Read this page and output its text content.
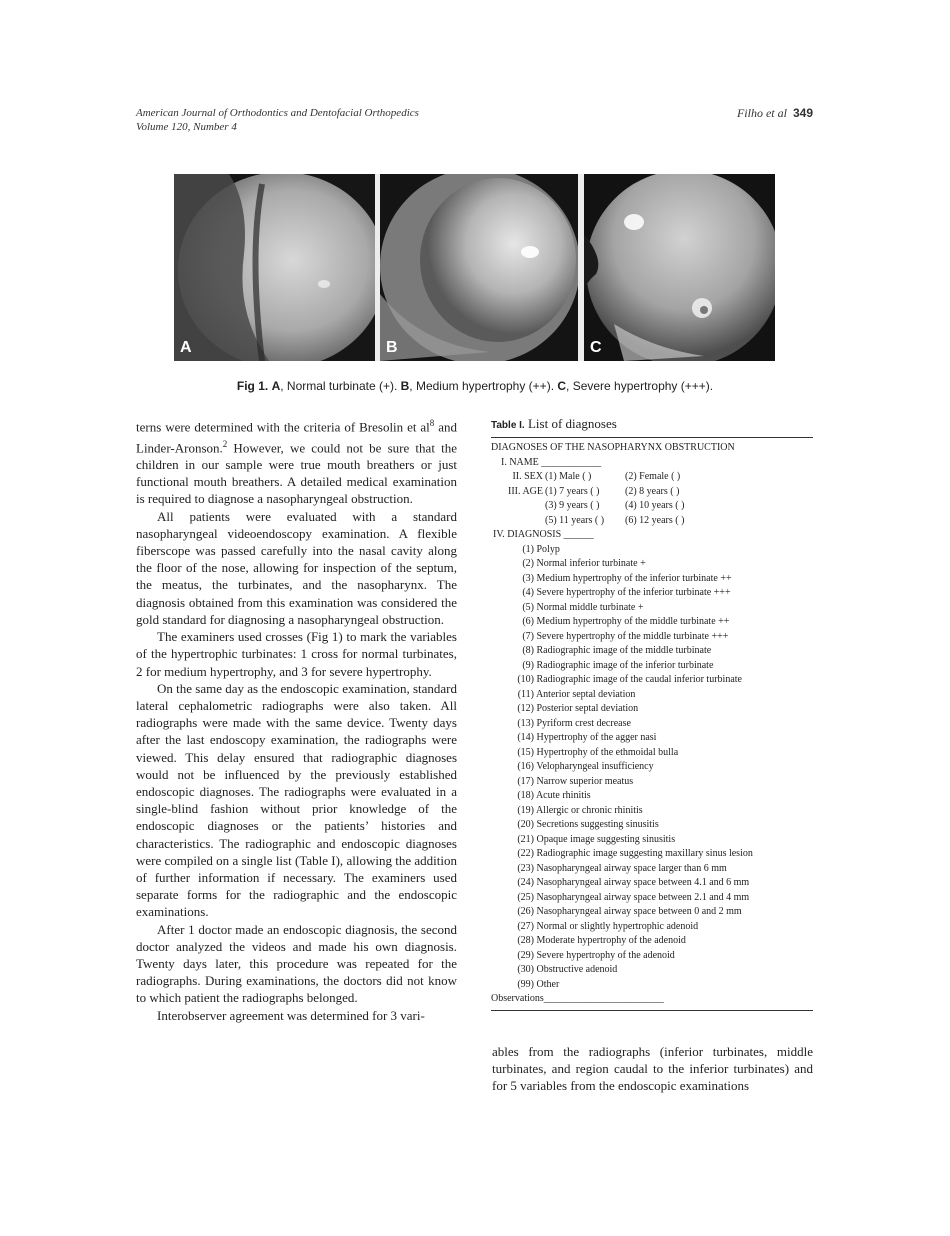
American Journal of Orthodontics and Dentofacial Orthopedics
Volume 120, Number 4
Filho et al 349
A	B	C
Fig 1. A, Normal turbinate (+). B, Medium hypertrophy (++). C, Severe hypertrophy (+++).

terns were determined with the criteria of Bresolin et $al^8$ and Linder-Aronson.$^2$ However, we could not be sure that the children in our sample were true mouth breathers or just functional mouth breathers. A detailed medical examination is required to diagnose a nasopharyngeal obstruction.

All patients were evaluated with a standard nasopharyngeal videoendoscopy examination. A flexible fiberscope was passed carefully into the nasal cavity along the floor of the nose, allowing for inspection of the septum, the meatus, the turbinates, and the nasopharynx. The diagnosis obtained from this examination was considered the gold standard for diagnosing a nasopharyngeal obstruction.

The examiners used crosses (Fig 1) to mark the variables of the hypertrophic turbinates: 1 cross for normal turbinates, 2 for medium hypertrophy, and 3 for severe hypertrophy.

On the same day as the endoscopic examination, standard lateral cephalometric radiographs were also taken. All radiographs were made with the same device. Twenty days after the last endoscopy examination, the radiographs were viewed. This delay ensured that radiographic diagnoses would not be influenced by the previously established endoscopic diagnoses. The radiographs were evaluated in a single-blind fashion without prior knowledge of the endoscopic diagnoses or the patients’ histories and characteristics. The radiographic and endoscopic diagnoses were compiled on a single list (Table I), allowing the addition of further information if necessary. The examiners used separate forms for the radiographic and the endoscopic examinations.

After 1 doctor made an endoscopic diagnosis, the second doctor analyzed the videos and made his own diagnosis. Twenty days later, this procedure was repeated for the radiographs. During examinations, the doctors did not know to which patient the radiographs belonged.

Interobserver agreement was determined for 3 vari-

Table I. List of diagnoses
DIAGNOSES OF THE NASOPHARYNX OBSTRUCTION
I. NAME ____________
II. SEX (1) Male ( )	(2) Female ( )
III. AGE (1) 7 years ( )	(2) 8 years ( )
(3) 9 years ( )	(4) 10 years ( )
(5) 11 years ( ) (6) 12 years ( )
IV. DIAGNOSIS ______
(1) Polyp
(2) Normal inferior turbinate +
(3) Medium hypertrophy of the inferior turbinate ++
(4) Severe hypertrophy of the inferior turbinate +++
(5) Normal middle turbinate +
(6) Medium hypertrophy of the middle turbinate ++
(7) Severe hypertrophy of the middle turbinate +++
(8) Radiographic image of the middle turbinate
(9) Radiographic image of the inferior turbinate
(10) Radiographic image of the caudal inferior turbinate
(11) Anterior septal deviation
(12) Posterior septal deviation
(13) Pyriform crest decrease
(14) Hypertrophy of the agger nasi
(15) Hypertrophy of the ethmoidal bulla
(16) Velopharyngeal insufficiency
(17) Narrow superior meatus
(18) Acute rhinitis
(19) Allergic or chronic rhinitis
(20) Secretions suggesting sinusitis
(21) Opaque image suggesting sinusitis
(22) Radiographic image suggesting maxillary sinus lesion
(23) Nasopharyngeal airway space larger than 6 mm
(24) Nasopharyngeal airway space between 4.1 and 6 mm
(25) Nasopharyngeal airway space between 2.1 and 4 mm
(26) Nasopharyngeal airway space between 0 and 2 mm
(27) Normal or slightly hypertrophic adenoid
(28) Moderate hypertrophy of the adenoid
(29) Severe hypertrophy of the adenoid
(30) Obstructive adenoid
(99) Other
Observations________________________

ables from the radiographs (inferior turbinates, middle turbinates, and region caudal to the inferior turbinates) and for 5 variables from the endoscopic examinations
